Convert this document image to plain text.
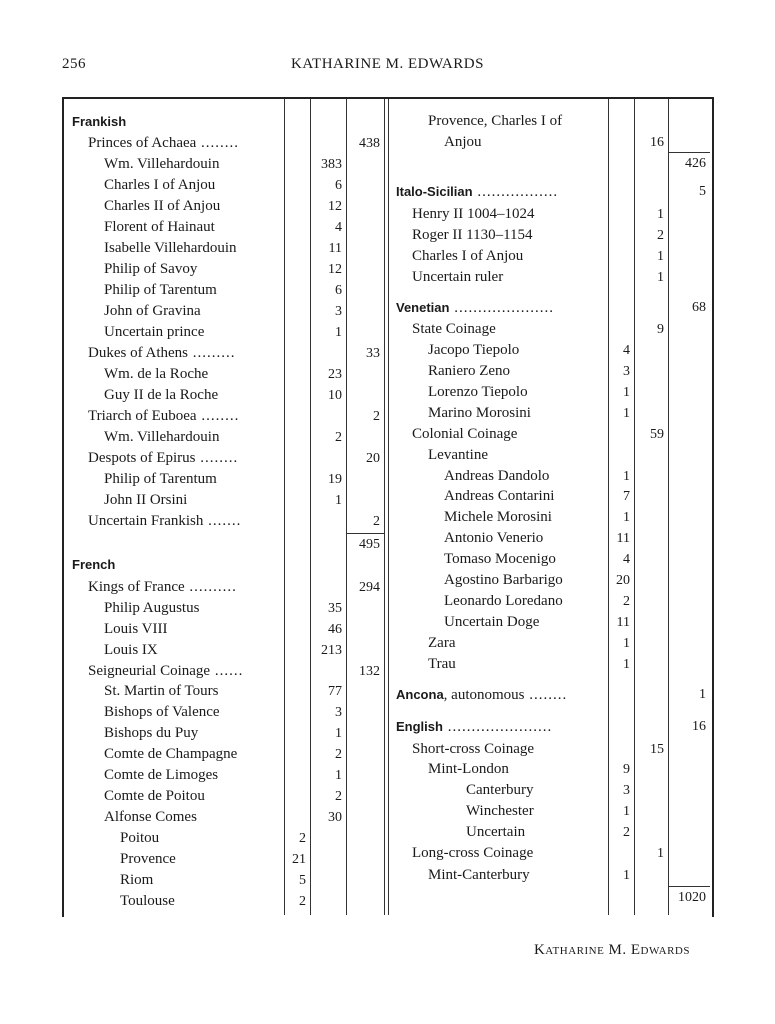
256	KATHARINE M. EDWARDS
Frankish
Princes of Achaea ........	438
Wm. Villehardouin	383
Charles I of Anjou	6
Charles II of Anjou	12
Florent of Hainaut	4
Isabelle Villehardouin	11
Philip of Savoy	12
Philip of Tarentum	6
John of Gravina	3
Uncertain prince	1
Dukes of Athens .........	33
Wm. de la Roche	23
Guy II de la Roche	10
Triarch of Euboea ........	2
Wm. Villehardouin	2
Despots of Epirus ........	20
Philip of Tarentum	19
John II Orsini	1
Uncertain Frankish .......	2
495
French
Kings of France ..........	294
Philip Augustus	35
Louis VIII	46
Louis IX	213
Seigneurial Coinage ......	132
St. Martin of Tours	77
Bishops of Valence	3
Bishops du Puy	1
Comte de Champagne	2
Comte de Limoges	1
Comte de Poitou	2
Alfonse Comes	30
Poitou	2
Provence	21
Riom	5
Toulouse	2
Provence, Charles I of
Anjou	16
426
Italo-Sicilian .................	5
Henry II 1004–1024	1
Roger II 1130–1154	2
Charles I of Anjou	1
Uncertain ruler	1
Venetian .....................	68
State Coinage	9
Jacopo Tiepolo	4
Raniero Zeno	3
Lorenzo Tiepolo	1
Marino Morosini	1
Colonial Coinage	59
Levantine
Andreas Dandolo	1
Andreas Contarini	7
Michele Morosini	1
Antonio Venerio	11
Tomaso Mocenigo	4
Agostino Barbarigo	20
Leonardo Loredano	2
Uncertain Doge	11
Zara	1
Trau	1
Ancona, autonomous ........	1
English ......................	16
Short-cross Coinage	15
Mint-London	9
Canterbury	3
Winchester	1
Uncertain	2
Long-cross Coinage	1
Mint-Canterbury	1
1020
Katharine M. Edwards
